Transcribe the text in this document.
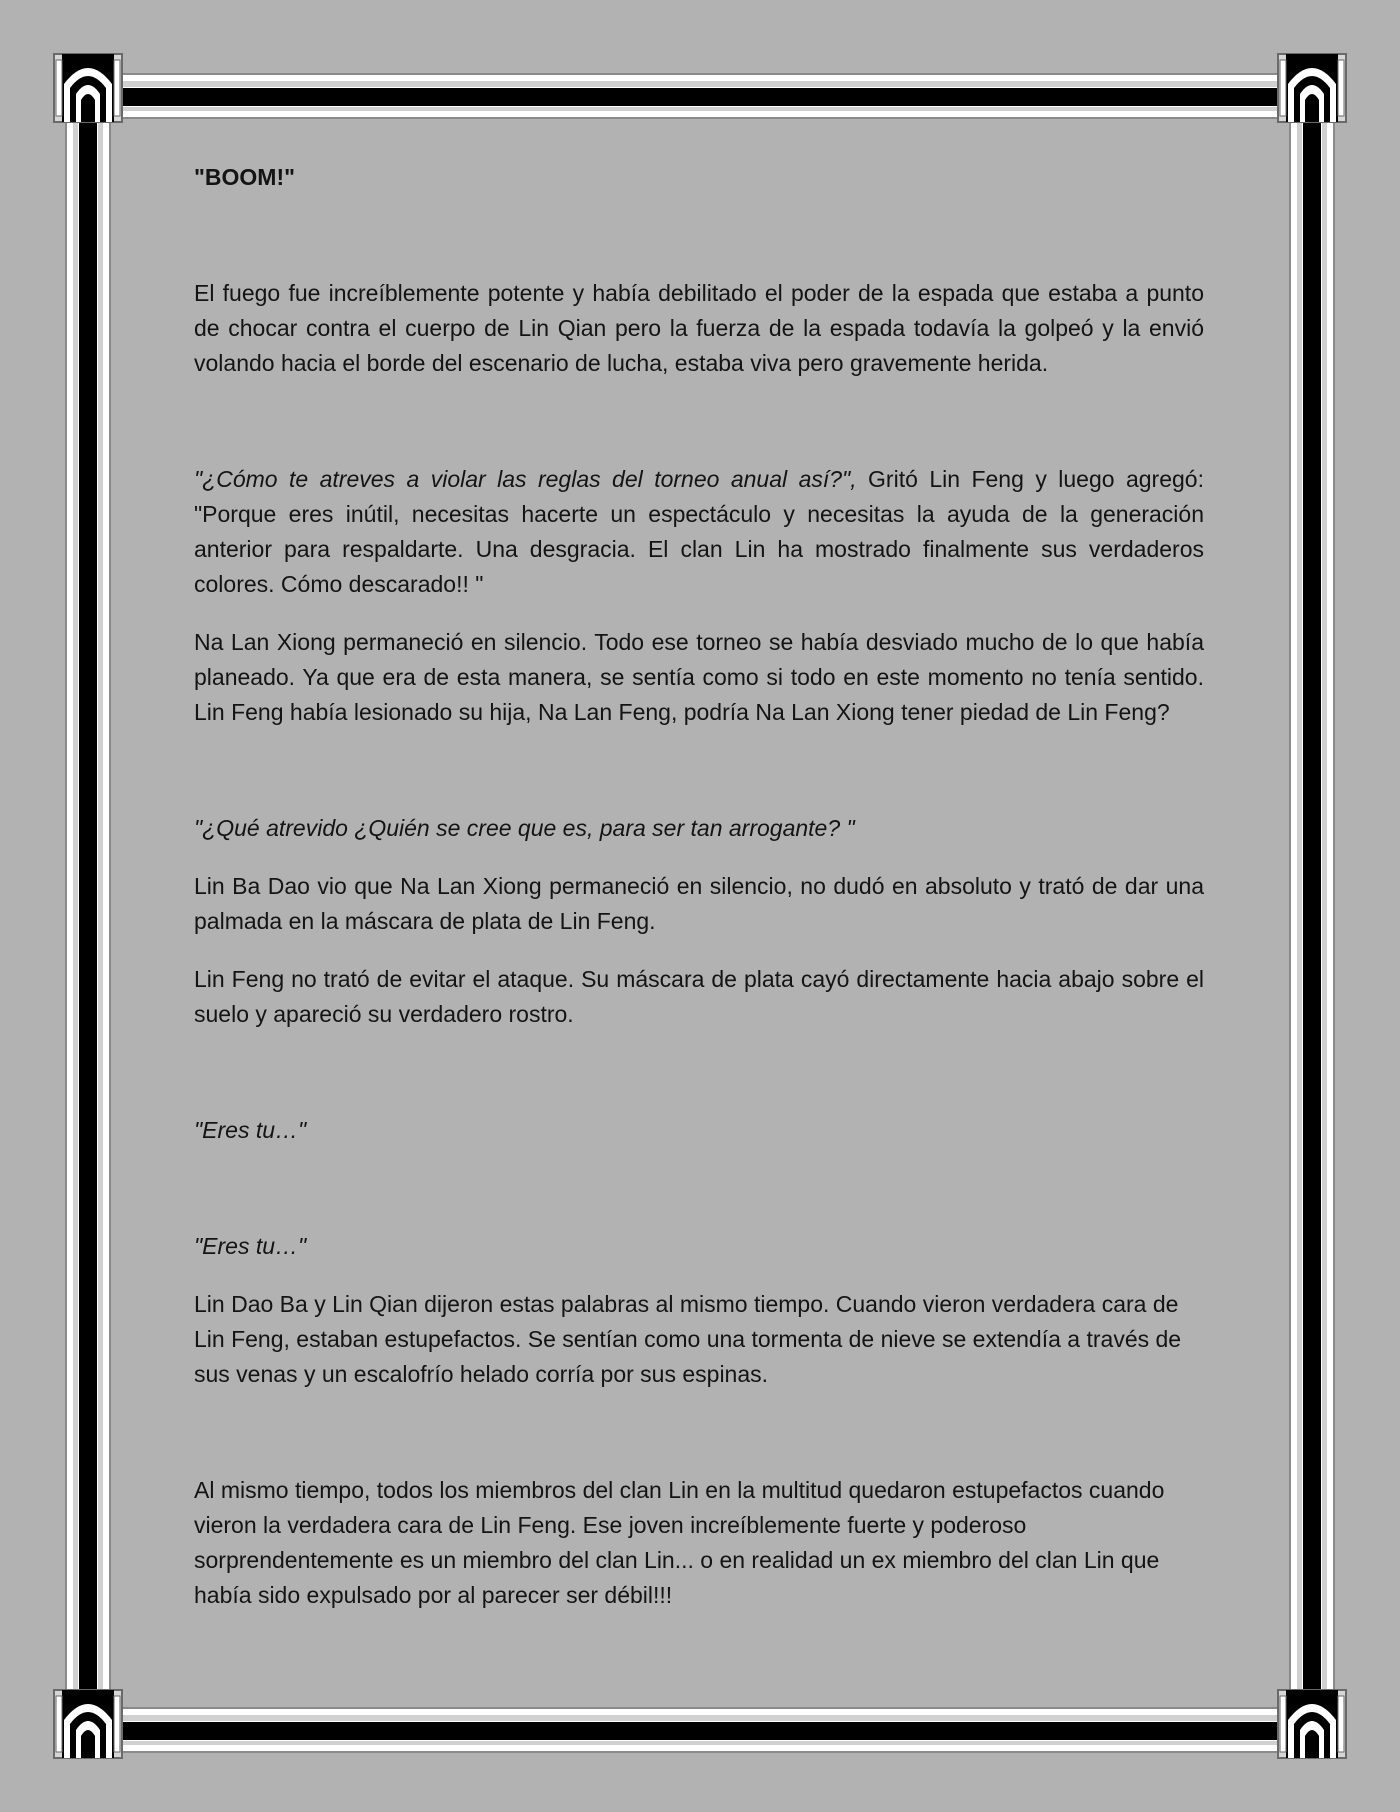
"BOOM!"

El fuego fue increíblemente potente y había debilitado el poder de la espada que estaba a punto de chocar contra el cuerpo de Lin Qian pero la fuerza de la espada todavía la golpeó y la envió volando hacia el borde del escenario de lucha, estaba viva pero gravemente herida.

"¿Cómo te atreves a violar las reglas del torneo anual así?", Gritó Lin Feng y luego agregó: "Porque eres inútil, necesitas hacerte un espectáculo y necesitas la ayuda de la generación anterior para respaldarte. Una desgracia. El clan Lin ha mostrado finalmente sus verdaderos colores. Cómo descarado!! "

Na Lan Xiong permaneció en silencio. Todo ese torneo se había desviado mucho de lo que había planeado. Ya que era de esta manera, se sentía como si todo en este momento no tenía sentido. Lin Feng había lesionado su hija, Na Lan Feng, podría Na Lan Xiong tener piedad de Lin Feng?

"¿Qué atrevido ¿Quién se cree que es, para ser tan arrogante? "

Lin Ba Dao vio que Na Lan Xiong permaneció en silencio, no dudó en absoluto y trató de dar una palmada en la máscara de plata de Lin Feng.

Lin Feng no trató de evitar el ataque. Su máscara de plata cayó directamente hacia abajo sobre el suelo y apareció su verdadero rostro.

"Eres tu…"

"Eres tu…"

Lin Dao Ba y Lin Qian dijeron estas palabras al mismo tiempo. Cuando vieron verdadera cara de Lin Feng, estaban estupefactos. Se sentían como una tormenta de nieve se extendía a través de sus venas y un escalofrío helado corría por sus espinas.

Al mismo tiempo, todos los miembros del clan Lin en la multitud quedaron estupefactos cuando vieron la verdadera cara de Lin Feng. Ese joven increíblemente fuerte y poderoso sorprendentemente es un miembro del clan Lin... o en realidad un ex miembro del clan Lin que había sido expulsado por al parecer ser débil!!!
